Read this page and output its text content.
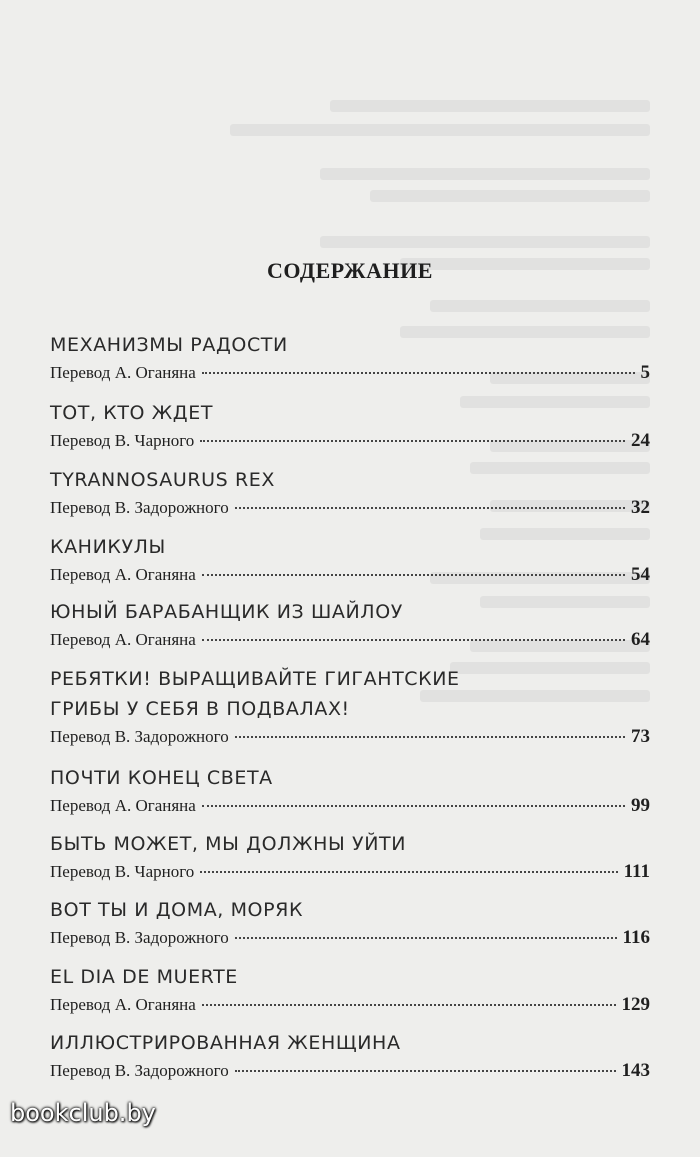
СОДЕРЖАНИЕ
МЕХАНИЗМЫ РАДОСТИ
Перевод А. Оганяна	5
ТОТ, КТО ЖДЕТ
Перевод В. Чарного	24
TYRANNOSAURUS REX
Перевод В. Задорожного	32
КАНИКУЛЫ
Перевод А. Оганяна	54
ЮНЫЙ БАРАБАНЩИК ИЗ ШАЙЛОУ
Перевод А. Оганяна	64
РЕБЯТКИ! ВЫРАЩИВАЙТЕ ГИГАНТСКИЕ
ГРИБЫ У СЕБЯ В ПОДВАЛАХ!
Перевод В. Задорожного	73
ПОЧТИ КОНЕЦ СВЕТА
Перевод А. Оганяна	99
БЫТЬ МОЖЕТ, МЫ ДОЛЖНЫ УЙТИ
Перевод В. Чарного	111
ВОТ ТЫ И ДОМА, МОРЯК
Перевод В. Задорожного	116
EL DIA DE MUERTE
Перевод А. Оганяна	129
ИЛЛЮСТРИРОВАННАЯ ЖЕНЩИНА
Перевод В. Задорожного	143
bookclub.by
